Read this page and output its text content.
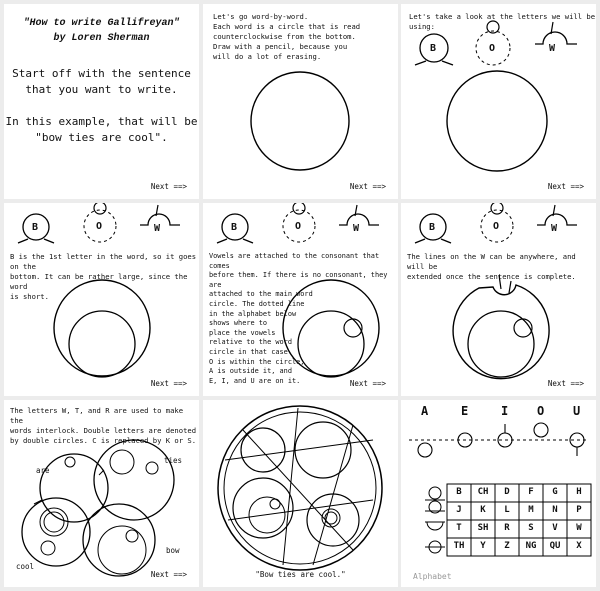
"How to write Gallifreyan"
by Loren Sherman
Start off with the sentence
that you want to write.
In this example, that will be
"bow ties are cool".
Next ==>
Let's go word-by-word.
Each word is a circle that is read
counterclockwise from the bottom.
Draw with a pencil, because you
will do a lot of erasing.
Next ==>
Let's take a look at the letters we will be using:
B	O	W
Next ==>
B	O	W
B is the 1st letter in the word, so it goes on the
bottom. It can be rather large, since the word
is short.
Next ==>
B	O	W
Vowels are attached to the consonant that comes
before them. If there is no consonant, they are
attached to the main word
circle. The dotted line
in the alphabet below
shows where to
place the vowels
relative to the word
circle in that case.
O is within the circle,
A is outside it, and
E, I, and U are on it.	Next ==>
B	O	W
The lines on the W can be anywhere, and will be
extended once the sentence is complete.
Next ==>
The letters W, T, and R are used to make the
words interlock. Double letters are denoted
by double circles. C is replaced by K or S.
ties
are
bow
cool
Next ==>	"Bow ties are cool."
A	E	I O U
B	CH	D	F	G	H
J	K	L	M	N	P
T	SH	R	S	V	W
TH	Y	Z	NG	QU	X
Alphabet
